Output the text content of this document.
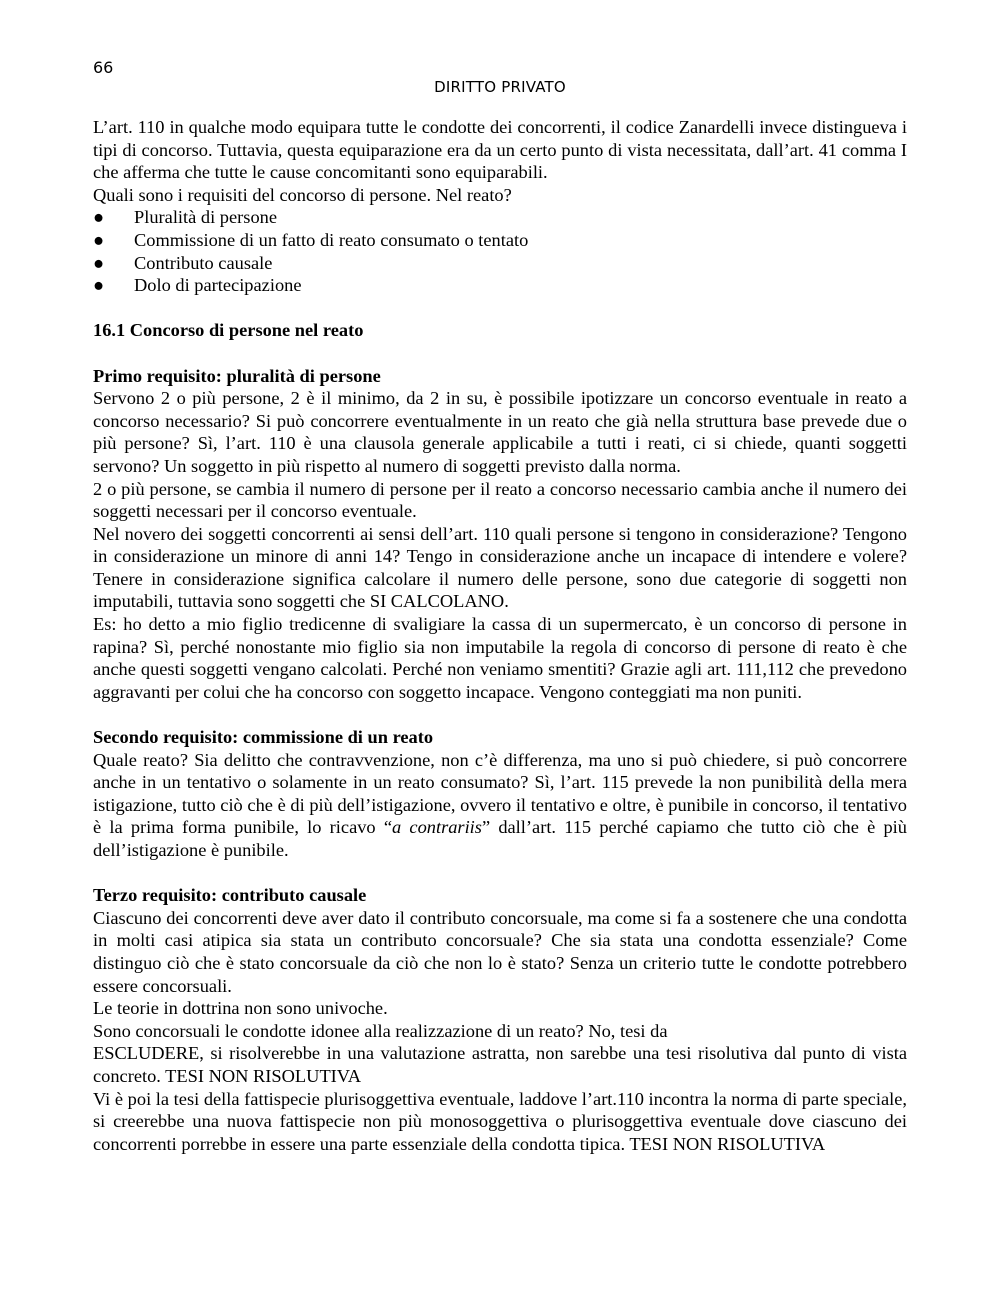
66
DIRITTO PRIVATO

L’art. 110 in qualche modo equipara tutte le condotte dei concorrenti, il codice Zanardelli invece distingueva i tipi di concorso. Tuttavia, questa equiparazione era da un certo punto di vista necessitata, dall’art. 41 comma I che afferma che tutte le cause concomitanti sono equiparabili.

Quali sono i requisiti del concorso di persone. Nel reato?

●	Pluralità di persone
●	Commissione di un fatto di reato consumato o tentato
●	Contributo causale
●	Dolo di partecipazione

16.1 Concorso di persone nel reato

Primo requisito: pluralità di persone

Servono 2 o più persone, 2 è il minimo, da 2 in su, è possibile ipotizzare un concorso eventuale in reato a concorso necessario? Si può concorrere eventualmente in un reato che già nella struttura base prevede due o più persone? Sì, l’art. 110 è una clausola generale applicabile a tutti i reati, ci si chiede, quanti soggetti servono? Un soggetto in più rispetto al numero di soggetti previsto dalla norma.

2 o più persone, se cambia il numero di persone per il reato a concorso necessario cambia anche il numero dei soggetti necessari per il concorso eventuale.

Nel novero dei soggetti concorrenti ai sensi dell’art. 110 quali persone si tengono in considerazione? Tengono in considerazione un minore di anni 14? Tengo in considerazione anche un incapace di intendere e volere? Tenere in considerazione significa calcolare il numero delle persone, sono due categorie di soggetti non imputabili, tuttavia sono soggetti che SI CALCOLANO.

Es: ho detto a mio figlio tredicenne di svaligiare la cassa di un supermercato, è un concorso di persone in rapina? Sì, perché nonostante mio figlio sia non imputabile la regola di concorso di persone di reato è che anche questi soggetti vengano calcolati. Perché non veniamo smentiti? Grazie agli art. 111,112 che prevedono aggravanti per colui che ha concorso con soggetto incapace. Vengono conteggiati ma non puniti.

Secondo requisito: commissione di un reato

Quale reato? Sia delitto che contravvenzione, non c’è differenza, ma uno si può chiedere, si può concorrere anche in un tentativo o solamente in un reato consumato? Sì, l’art. 115 prevede la non punibilità della mera istigazione, tutto ciò che è di più dell’istigazione, ovvero il tentativo e oltre, è punibile in concorso, il tentativo è la prima forma punibile, lo ricavo “a contrariis” dall’art. 115 perché capiamo che tutto ciò che è più dell’istigazione è punibile.

Terzo requisito: contributo causale

Ciascuno dei concorrenti deve aver dato il contributo concorsuale, ma come si fa a sostenere che una condotta in molti casi atipica sia stata un contributo concorsuale? Che sia stata una condotta essenziale? Come distinguo ciò che è stato concorsuale da ciò che non lo è stato? Senza un criterio tutte le condotte potrebbero essere concorsuali.

Le teorie in dottrina non sono univoche.

Sono concorsuali le condotte idonee alla realizzazione di un reato? No, tesi da

ESCLUDERE, si risolverebbe in una valutazione astratta, non sarebbe una tesi risolutiva dal punto di vista concreto. TESI NON RISOLUTIVA

Vi è poi la tesi della fattispecie plurisoggettiva eventuale, laddove l’art.110 incontra la norma di parte speciale, si creerebbe una nuova fattispecie non più monosoggettiva o plurisoggettiva eventuale dove ciascuno dei concorrenti porrebbe in essere una parte essenziale della condotta tipica. TESI NON RISOLUTIVA
